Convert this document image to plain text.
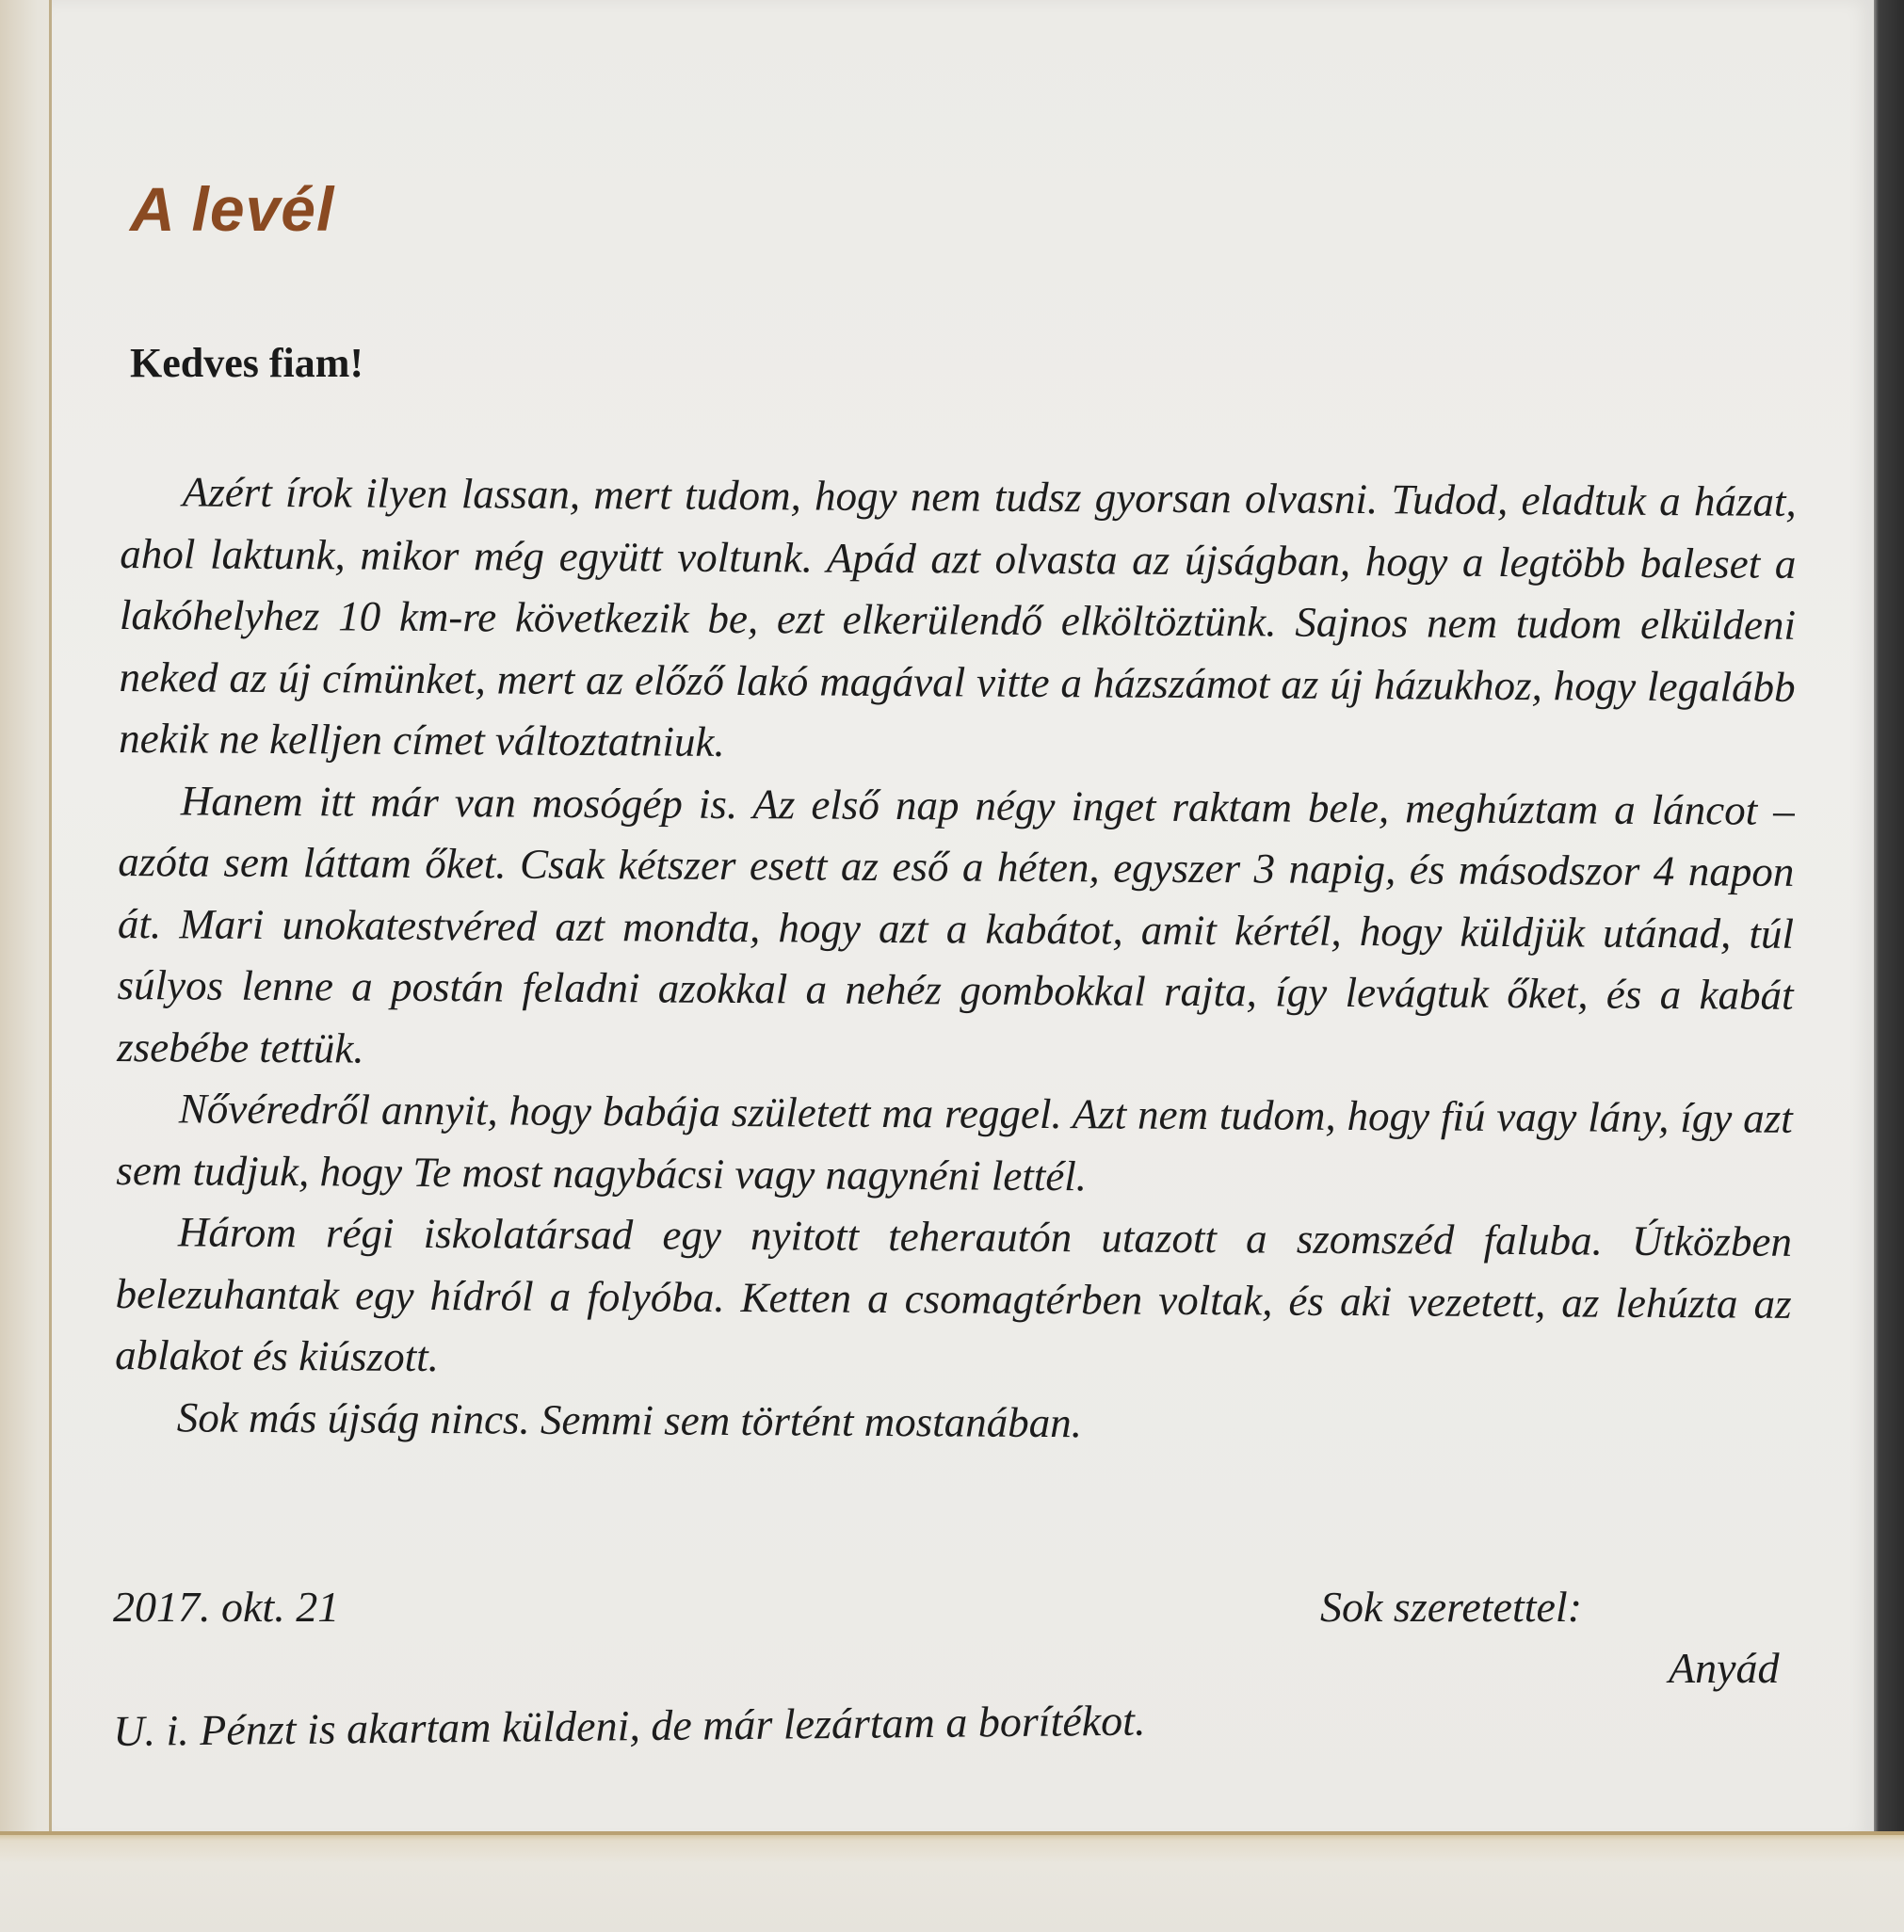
A levél
Kedves fiam!

Azért írok ilyen lassan, mert tudom, hogy nem tudsz gyorsan olvasni. Tudod, eladtuk a házat, ahol laktunk, mikor még együtt voltunk. Apád azt olvasta az újságban, hogy a legtöbb baleset a lakóhelyhez 10 km-re következik be, ezt elkerülendő elköltöztünk. Sajnos nem tudom elküldeni neked az új címünket, mert az előző lakó magával vitte a házszámot az új házukhoz, hogy legalább nekik ne kelljen címet változtatniuk.

Hanem itt már van mosógép is. Az első nap négy inget raktam bele, meghúztam a láncot – azóta sem láttam őket. Csak kétszer esett az eső a héten, egyszer 3 napig, és másodszor 4 napon át. Mari unokatestvéred azt mondta, hogy azt a kabátot, amit kértél, hogy küldjük utánad, túl súlyos lenne a postán feladni azokkal a nehéz gombokkal rajta, így levágtuk őket, és a kabát zsebébe tettük.

Nővéredről annyit, hogy babája született ma reggel. Azt nem tudom, hogy fiú vagy lány, így azt sem tudjuk, hogy Te most nagybácsi vagy nagynéni lettél.

Három régi iskolatársad egy nyitott teherautón utazott a szomszéd faluba. Útközben belezuhantak egy hídról a folyóba. Ketten a csomagtérben voltak, és aki vezetett, az lehúzta az ablakot és kiúszott.

Sok más újság nincs. Semmi sem történt mostanában.

2017. okt. 21	Sok szeretettel:
Anyád
U. i. Pénzt is akartam küldeni, de már lezártam a borítékot.
